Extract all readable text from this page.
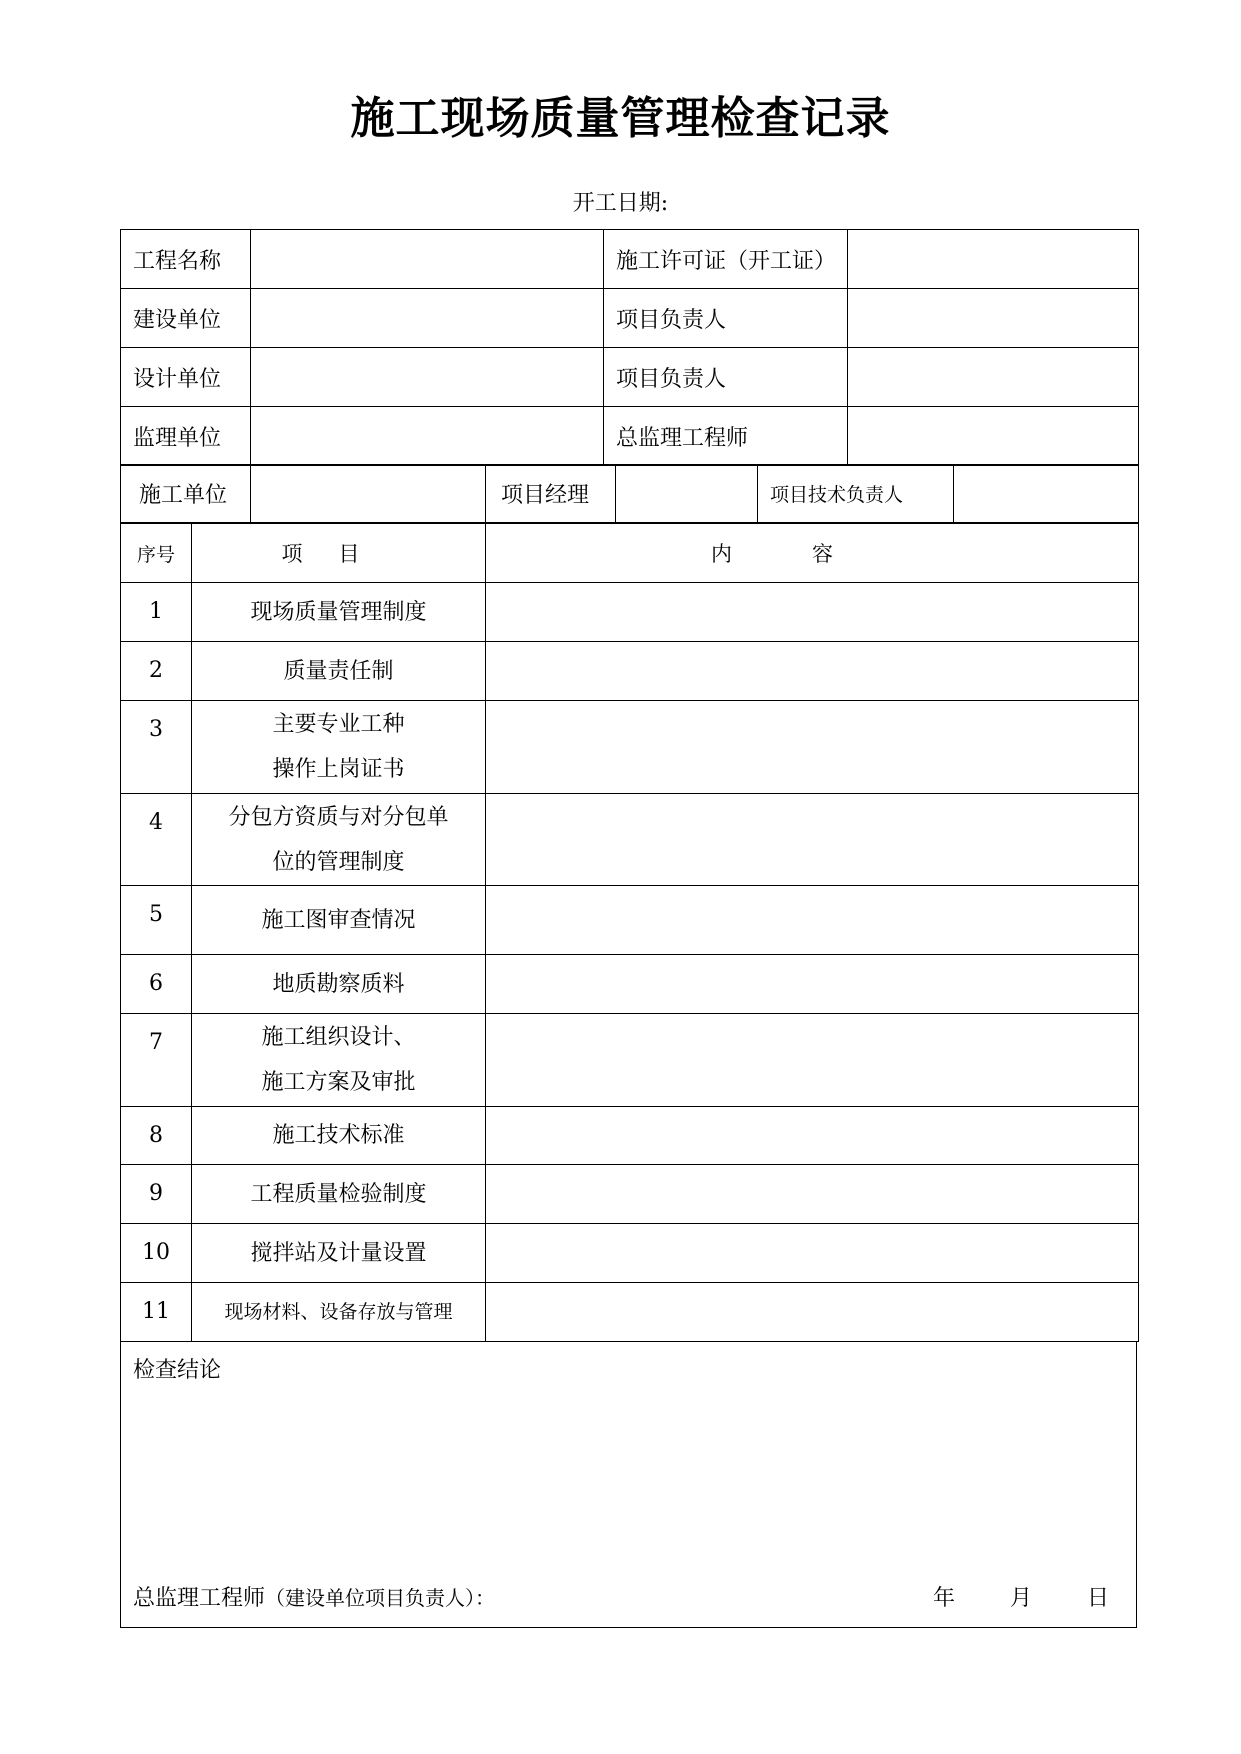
施工现场质量管理检查记录
开工日期:
工程名称		施工许可证（开工证）	
建设单位		项目负责人	
设计单位		项目负责人	
监理单位		总监理工程师	
施工单位		项目经理		项目技术负责人	
序号	项目	内容
1	现场质量管理制度	

2	质量责任制	

3	主要专业工种
操作上岗证书	

4	分包方资质与对分包单
位的管理制度	

5	施工图审查情况	

6	地质勘察质料	

7	施工组织设计、
施工方案及审批	

8	施工技术标准	

9	工程质量检验制度	

10	搅拌站及计量设置	

11	现场材料、设备存放与管理	

检查结论
总监理工程师（建设单位项目负责人）：	年	月	日
